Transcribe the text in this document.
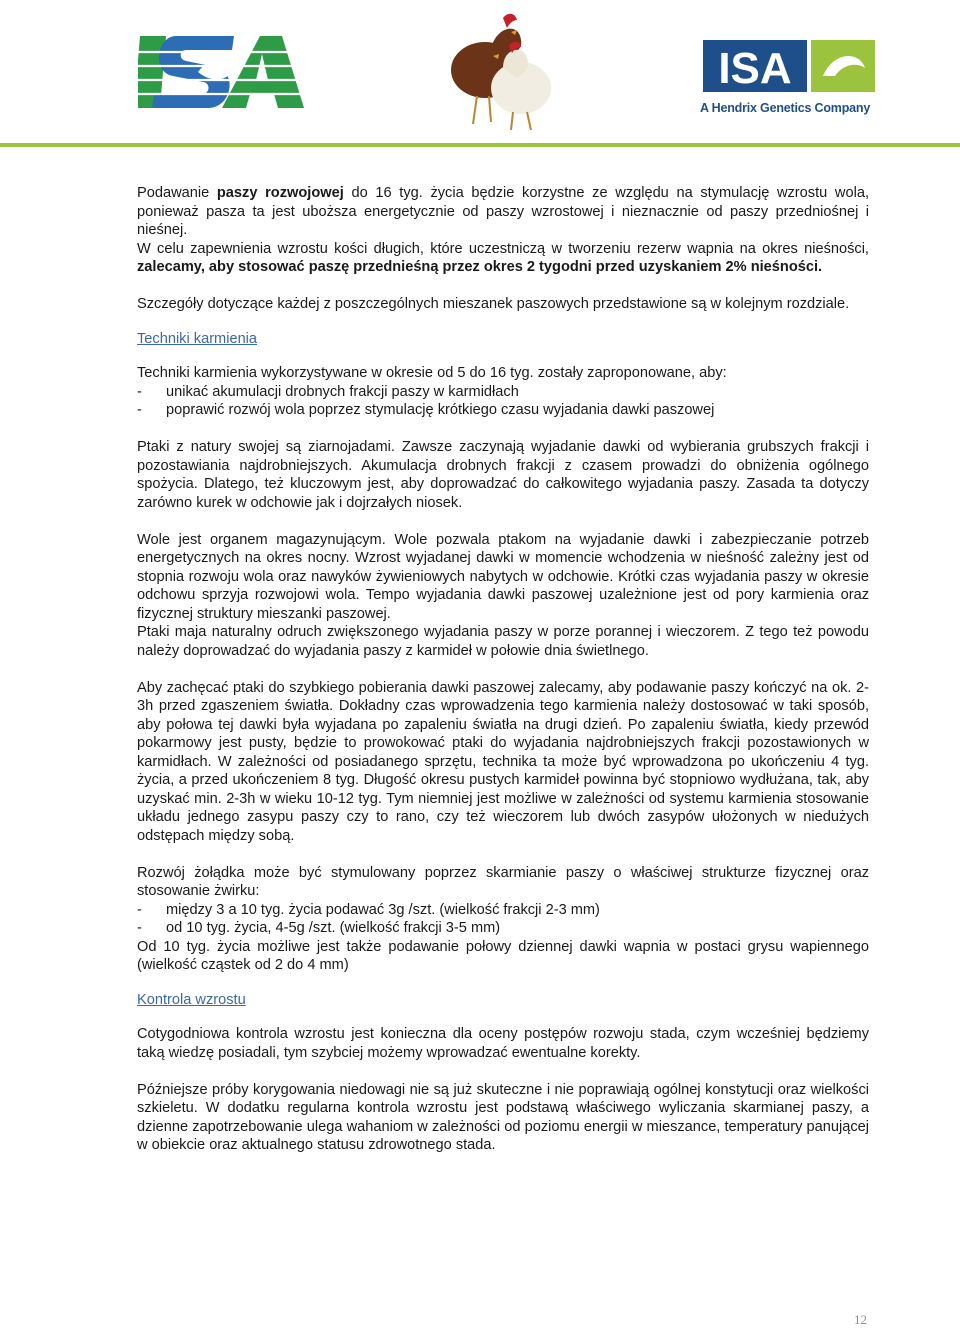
ISA
A Hendrix Genetics Company

Podawanie paszy rozwojowej do 16 tyg. życia będzie korzystne ze względu na stymulację wzrostu wola, ponieważ pasza ta jest uboższa energetycznie od paszy wzrostowej i nieznacznie od paszy przedniośnej i nieśnej.

W celu zapewnienia wzrostu kości długich, które uczestniczą w tworzeniu rezerw wapnia na okres nieśności, zalecamy, aby stosować paszę przednieśną przez okres 2 tygodni przed uzyskaniem 2% nieśności.

Szczegóły dotyczące każdej z poszczególnych mieszanek paszowych przedstawione są w kolejnym rozdziale.

Techniki karmienia

Techniki karmienia wykorzystywane w okresie od 5 do 16 tyg. zostały zaproponowane, aby:

-	unikać akumulacji drobnych frakcji paszy w karmidłach
-	poprawić rozwój wola poprzez stymulację krótkiego czasu wyjadania dawki paszowej

Ptaki z natury swojej są ziarnojadami. Zawsze zaczynają wyjadanie dawki od wybierania grubszych frakcji i pozostawiania najdrobniejszych. Akumulacja drobnych frakcji z czasem prowadzi do obniżenia ogólnego spożycia. Dlatego, też kluczowym jest, aby doprowadzać do całkowitego wyjadania paszy. Zasada ta dotyczy zarówno kurek w odchowie jak i dojrzałych niosek.

Wole jest organem magazynującym. Wole pozwala ptakom na wyjadanie dawki i zabezpieczanie potrzeb energetycznych na okres nocny. Wzrost wyjadanej dawki w momencie wchodzenia w nieśność zależny jest od stopnia rozwoju wola oraz nawyków żywieniowych nabytych w odchowie. Krótki czas wyjadania paszy w okresie odchowu sprzyja rozwojowi wola. Tempo wyjadania dawki paszowej uzależnione jest od pory karmienia oraz fizycznej struktury mieszanki paszowej.

Ptaki maja naturalny odruch zwiększonego wyjadania paszy w porze porannej i wieczorem. Z tego też powodu należy doprowadzać do wyjadania paszy z karmideł w połowie dnia świetlnego.

Aby zachęcać ptaki do szybkiego pobierania dawki paszowej zalecamy, aby podawanie paszy kończyć na ok. 2-3h przed zgaszeniem światła. Dokładny czas wprowadzenia tego karmienia należy dostosować w taki sposób, aby połowa tej dawki była wyjadana po zapaleniu światła na drugi dzień. Po zapaleniu światła, kiedy przewód pokarmowy jest pusty, będzie to prowokować ptaki do wyjadania najdrobniejszych frakcji pozostawionych w karmidłach. W zależności od posiadanego sprzętu, technika ta może być wprowadzona po ukończeniu 4 tyg. życia, a przed ukończeniem 8 tyg. Długość okresu pustych karmideł powinna być stopniowo wydłużana, tak, aby uzyskać min. 2-3h w wieku 10-12 tyg. Tym niemniej jest możliwe w zależności od systemu karmienia stosowanie układu jednego zasypu paszy czy to rano, czy też wieczorem lub dwóch zasypów ułożonych w niedużych odstępach między sobą.

Rozwój żołądka może być stymulowany poprzez skarmianie paszy o właściwej strukturze fizycznej oraz stosowanie żwirku:

-	między 3 a 10 tyg. życia podawać 3g /szt. (wielkość frakcji 2-3 mm)
-	od 10 tyg. życia, 4-5g /szt. (wielkość frakcji 3-5 mm)

Od 10 tyg. życia możliwe jest także podawanie połowy dziennej dawki wapnia w postaci grysu wapiennego (wielkość cząstek od 2 do 4 mm)

Kontrola wzrostu

Cotygodniowa kontrola wzrostu jest konieczna dla oceny postępów rozwoju stada, czym wcześniej będziemy taką wiedzę posiadali, tym szybciej możemy wprowadzać ewentualne korekty.

Późniejsze próby korygowania niedowagi nie są już skuteczne i nie poprawiają ogólnej konstytucji oraz wielkości szkieletu. W dodatku regularna kontrola wzrostu jest podstawą właściwego wyliczania skarmianej paszy, a dzienne zapotrzebowanie ulega wahaniom w zależności od poziomu energii w mieszance, temperatury panującej w obiekcie oraz aktualnego statusu zdrowotnego stada.

12
